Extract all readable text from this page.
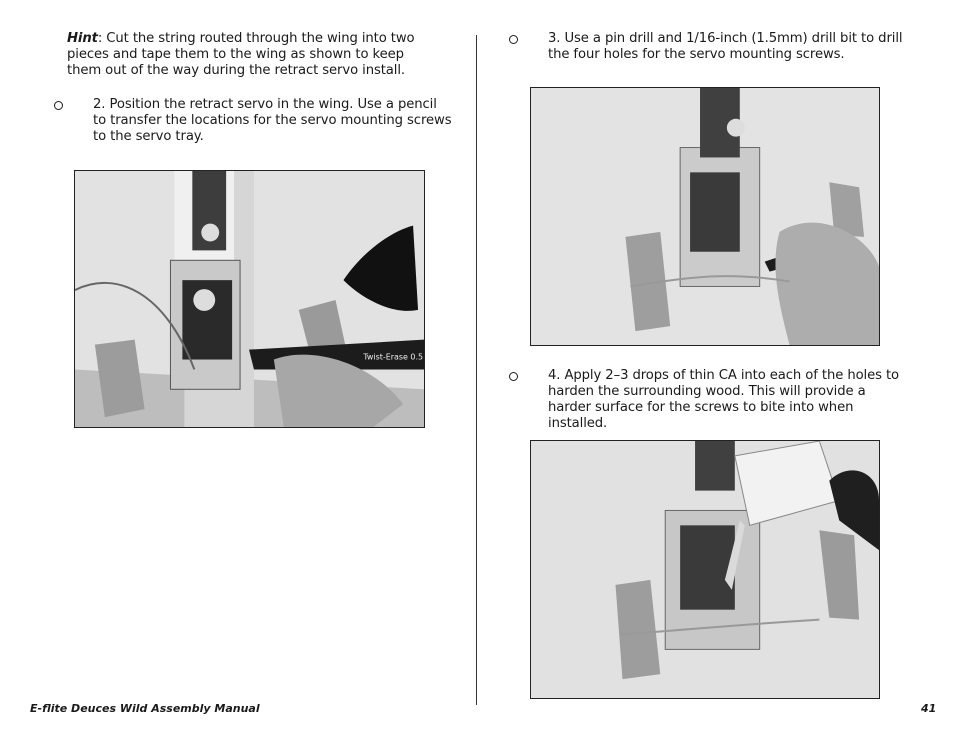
Hint: Cut the string routed through the wing into two pieces and tape them to the wing as shown to keep them out of the way during the retract servo install.
2. Position the retract servo in the wing. Use a pencil to transfer the locations for the servo mounting screws to the servo tray.
Twist-Erase 0.5
3. Use a pin drill and 1/16-inch (1.5mm) drill bit to drill the four holes for the servo mounting screws.
4. Apply 2–3 drops of thin CA into each of the holes to harden the surrounding wood. This will provide a harder surface for the screws to bite into when installed.
E-flite Deuces Wild Assembly Manual	41
